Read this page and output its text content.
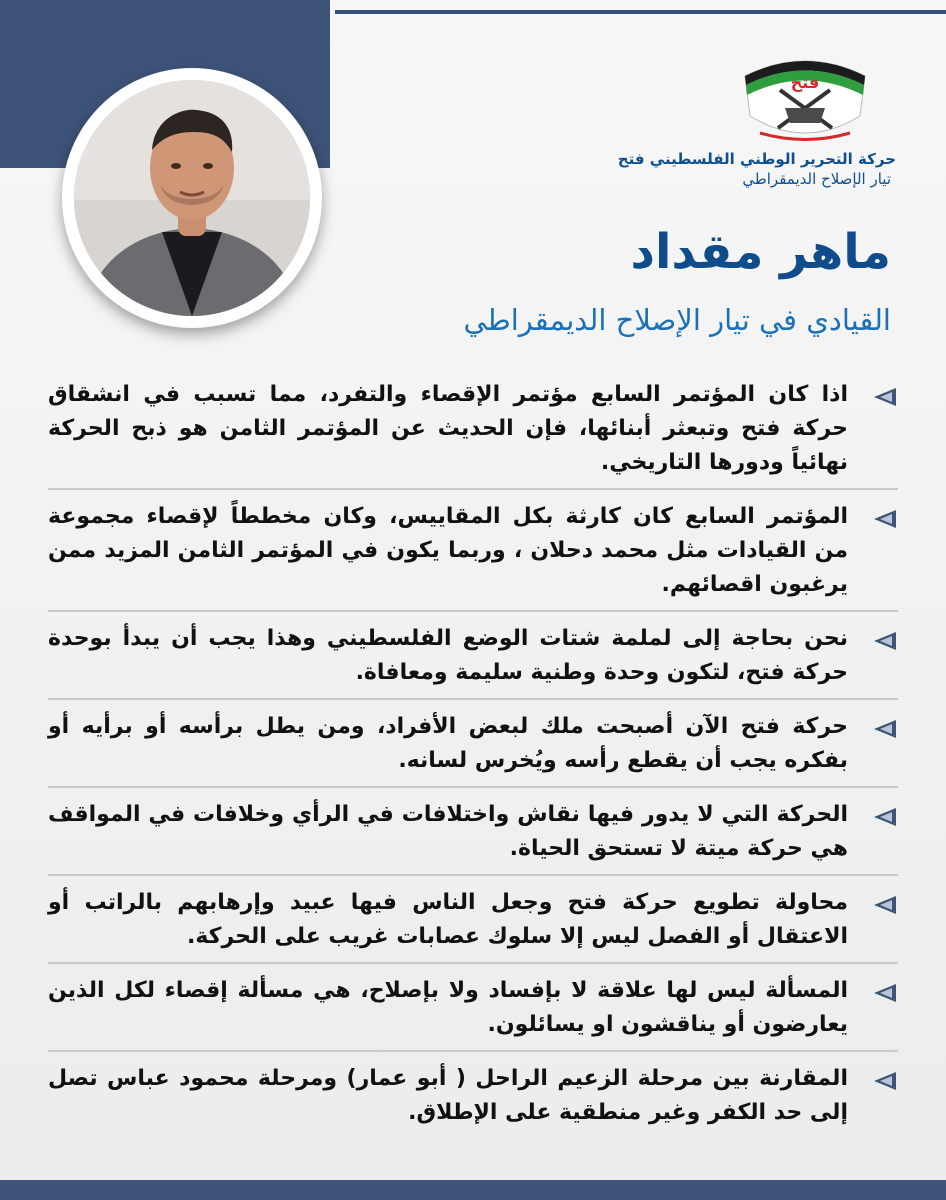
ﻓﺘﺢ
حركة التحرير الوطني الفلسطيني فتح
تيار الإصلاح الديمقراطي
ماهر مقداد
القيادي في تيار الإصلاح الديمقراطي
اذا كان المؤتمر السابع مؤتمر الإقصاء والتفرد، مما تسبب في انشقاق حركة فتح وتبعثر أبنائها، فإن الحديث عن المؤتمر الثامن هو ذبح الحركة نهائياً ودورها التاريخي.
المؤتمر السابع كان كارثة بكل المقاييس، وكان مخططاً لإقصاء مجموعة من القيادات مثل محمد دحلان ، وربما يكون في المؤتمر الثامن المزيد ممن يرغبون اقصائهم.
نحن بحاجة إلى لملمة شتات الوضع الفلسطيني وهذا يجب أن يبدأ بوحدة حركة فتح، لتكون وحدة وطنية سليمة ومعافاة.
حركة فتح الآن أصبحت ملك لبعض الأفراد، ومن يطل برأسه أو برأيه أو بفكره يجب أن يقطع رأسه ويُخرس لسانه.
الحركة التي لا يدور فيها نقاش واختلافات في الرأي وخلافات في المواقف هي حركة ميتة لا تستحق الحياة.
محاولة تطويع حركة فتح وجعل الناس فيها عبيد وإرهابهم بالراتب أو الاعتقال أو الفصل ليس إلا سلوك عصابات غريب على الحركة.
المسألة ليس لها علاقة لا بإفساد ولا بإصلاح، هي مسألة إقصاء لكل الذين يعارضون أو يناقشون او يسائلون.
المقارنة بين مرحلة الزعيم الراحل ( أبو عمار) ومرحلة محمود عباس تصل إلى حد الكفر وغير منطقية على الإطلاق.
